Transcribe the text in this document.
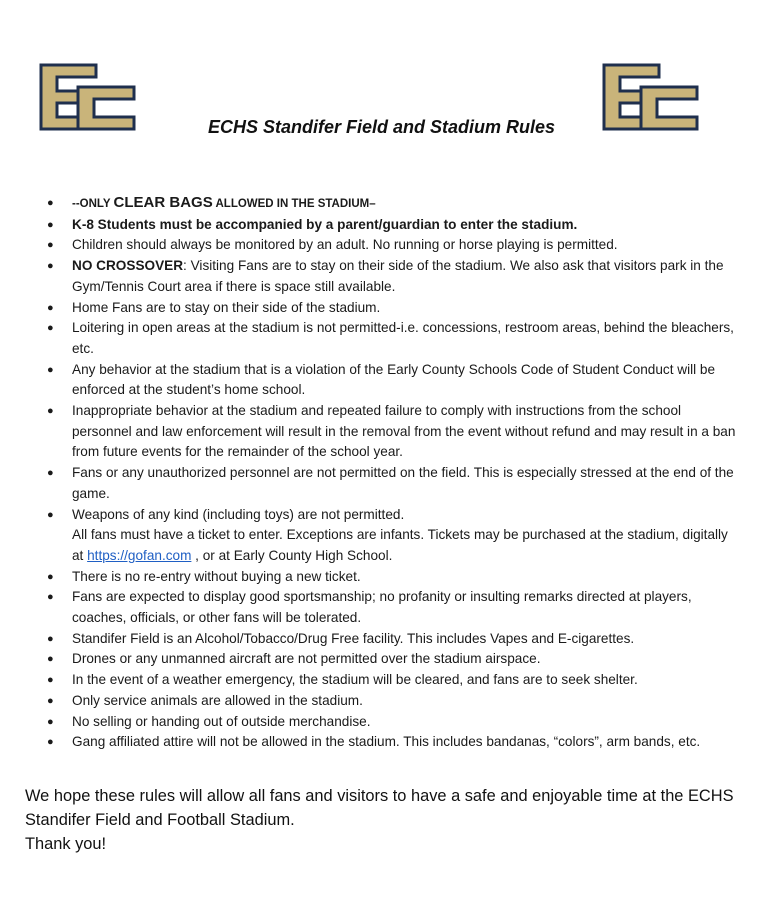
ECHS Standifer Field and Stadium Rules
● --ONLY CLEAR BAGS ALLOWED IN THE STADIUM–
● K-8 Students must be accompanied by a parent/guardian to enter the stadium.
● Children should always be monitored by an adult. No running or horse playing is permitted.
● NO CROSSOVER: Visiting Fans are to stay on their side of the stadium. We also ask that visitors park in the Gym/Tennis Court area if there is space still available.
● Home Fans are to stay on their side of the stadium.
● Loitering in open areas at the stadium is not permitted-i.e. concessions, restroom areas, behind the bleachers, etc.
● Any behavior at the stadium that is a violation of the Early County Schools Code of Student Conduct will be enforced at the student’s home school.
● Inappropriate behavior at the stadium and repeated failure to comply with instructions from the school personnel and law enforcement will result in the removal from the event without refund and may result in a ban from future events for the remainder of the school year.
● Fans or any unauthorized personnel are not permitted on the field. This is especially stressed at the end of the game.
● Weapons of any kind (including toys) are not permitted.
All fans must have a ticket to enter. Exceptions are infants. Tickets may be purchased at the stadium, digitally at https://gofan.com , or at Early County High School.
● There is no re-entry without buying a new ticket.
● Fans are expected to display good sportsmanship; no profanity or insulting remarks directed at players, coaches, officials, or other fans will be tolerated.
● Standifer Field is an Alcohol/Tobacco/Drug Free facility. This includes Vapes and E-cigarettes.
● Drones or any unmanned aircraft are not permitted over the stadium airspace.
● In the event of a weather emergency, the stadium will be cleared, and fans are to seek shelter.
● Only service animals are allowed in the stadium.
● No selling or handing out of outside merchandise.
● Gang affiliated attire will not be allowed in the stadium. This includes bandanas, “colors”, arm bands, etc.
We hope these rules will allow all fans and visitors to have a safe and enjoyable time at the ECHS Standifer Field and Football Stadium.
Thank you!
